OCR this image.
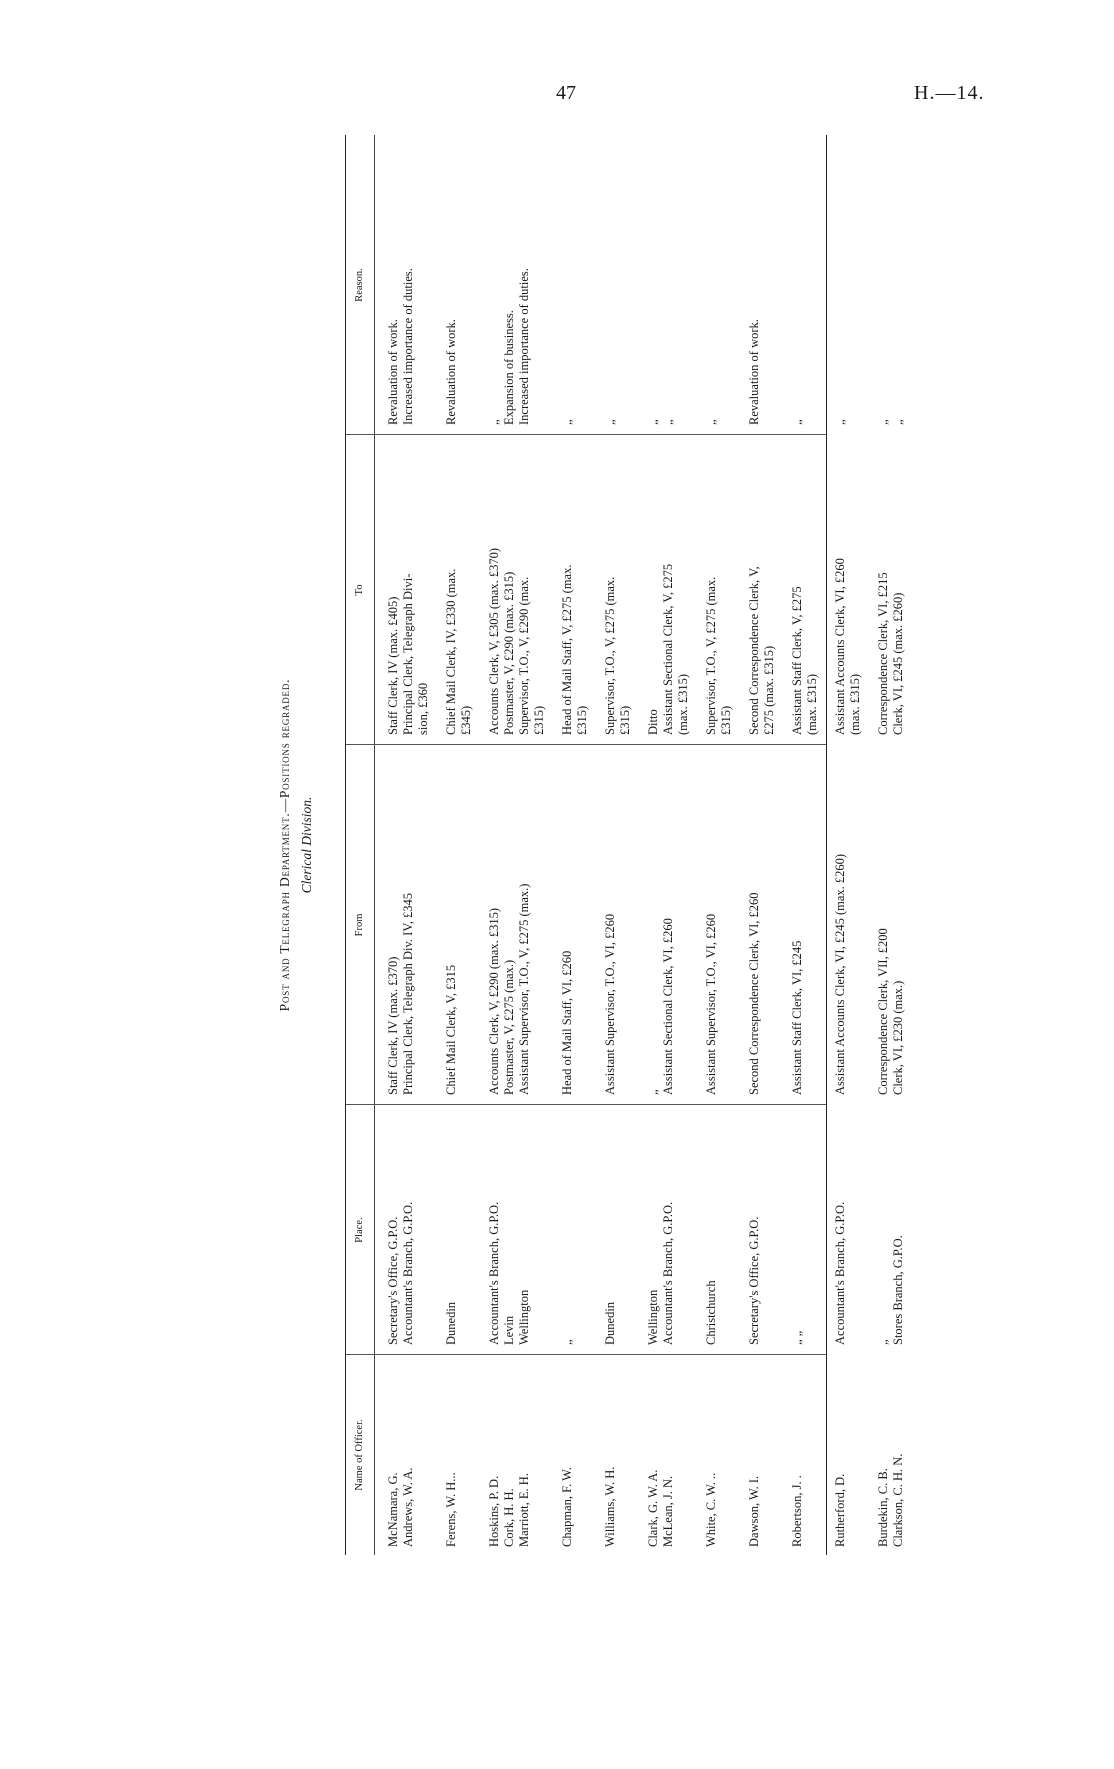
47	H.—14.
Post and Telegraph Department.—Positions regraded. Clerical Division.
Name of Officer.
Place.
From
To
Reason.
McNamara, G. Andrews, W. A.
Secretary's Office, G.P.O. Accountant's Branch, G.P.O.
Staff Clerk, IV (max. £370) Principal Clerk, Telegraph Div. IV, £345
Staff Clerk, IV (max. £405) Principal Clerk, Telegraph Divi- sion, £360
Revaluation of work. Increased importance of duties.
Ferens, W. H...
Dunedin
Chief Mail Clerk, V, £315
Chief Mail Clerk, IV, £330 (max. £345)
Revaluation of work.
Hoskins, P. D. Cork, H. H. Marriott, E. H.
Accountant's Branch, G.P.O. Levin Wellington
Accounts Clerk, V, £290 (max. £315) Postmaster, V, £275 (max.) Assistant Supervisor, T.O., V, £275 (max.)
Accounts Clerk, V, £305 (max. £370) Postmaster, V, £290 (max. £315) Supervisor, T.O., V, £290 (max. £315)
„ Expansion of business. Increased importance of duties.
Chapman, F. W.
„
Head of Mail Staff, VI, £260
Head of Mail Staff, V, £275 (max. £315)
„
Williams, W. H.
Dunedin
Assistant Supervisor, T.O., VI, £260
Supervisor, T.O., V, £275 (max. £315)
„
Clark, G. W. A. McLean, J. N.
Wellington Accountant's Branch, G.P.O.
„ Assistant Sectional Clerk, VI, £260
Ditto Assistant Sectional Clerk, V, £275 (max. £315)
„ „
White, C. W. ..
Christchurch
Assistant Supervisor, T.O., VI, £260
Supervisor, T.O., V, £275 (max. £315)
„
Dawson, W. I.
Secretary's Office, G.P.O.
Second Correspondence Clerk, VI, £260
Second Correspondence Clerk, V, £275 (max. £315)
Revaluation of work.
Robertson, J. .
„ „
Assistant Staff Clerk, VI, £245
Assistant Staff Clerk, V, £275 (max. £315)
„
Rutherford, D.
Accountant's Branch, G.P.O.
Assistant Accounts Clerk, VI, £245 (max. £260)
Assistant Accounts Clerk, VI, £260 (max. £315)
„
Burdekin, C. B. Clarkson, C. H. N.
„ Stores Branch, G.P.O.
Correspondence Clerk, VII, £200 Clerk, VI, £230 (max.)
Correspondence Clerk, VI, £215 Clerk, VI, £245 (max. £260)
„ „
